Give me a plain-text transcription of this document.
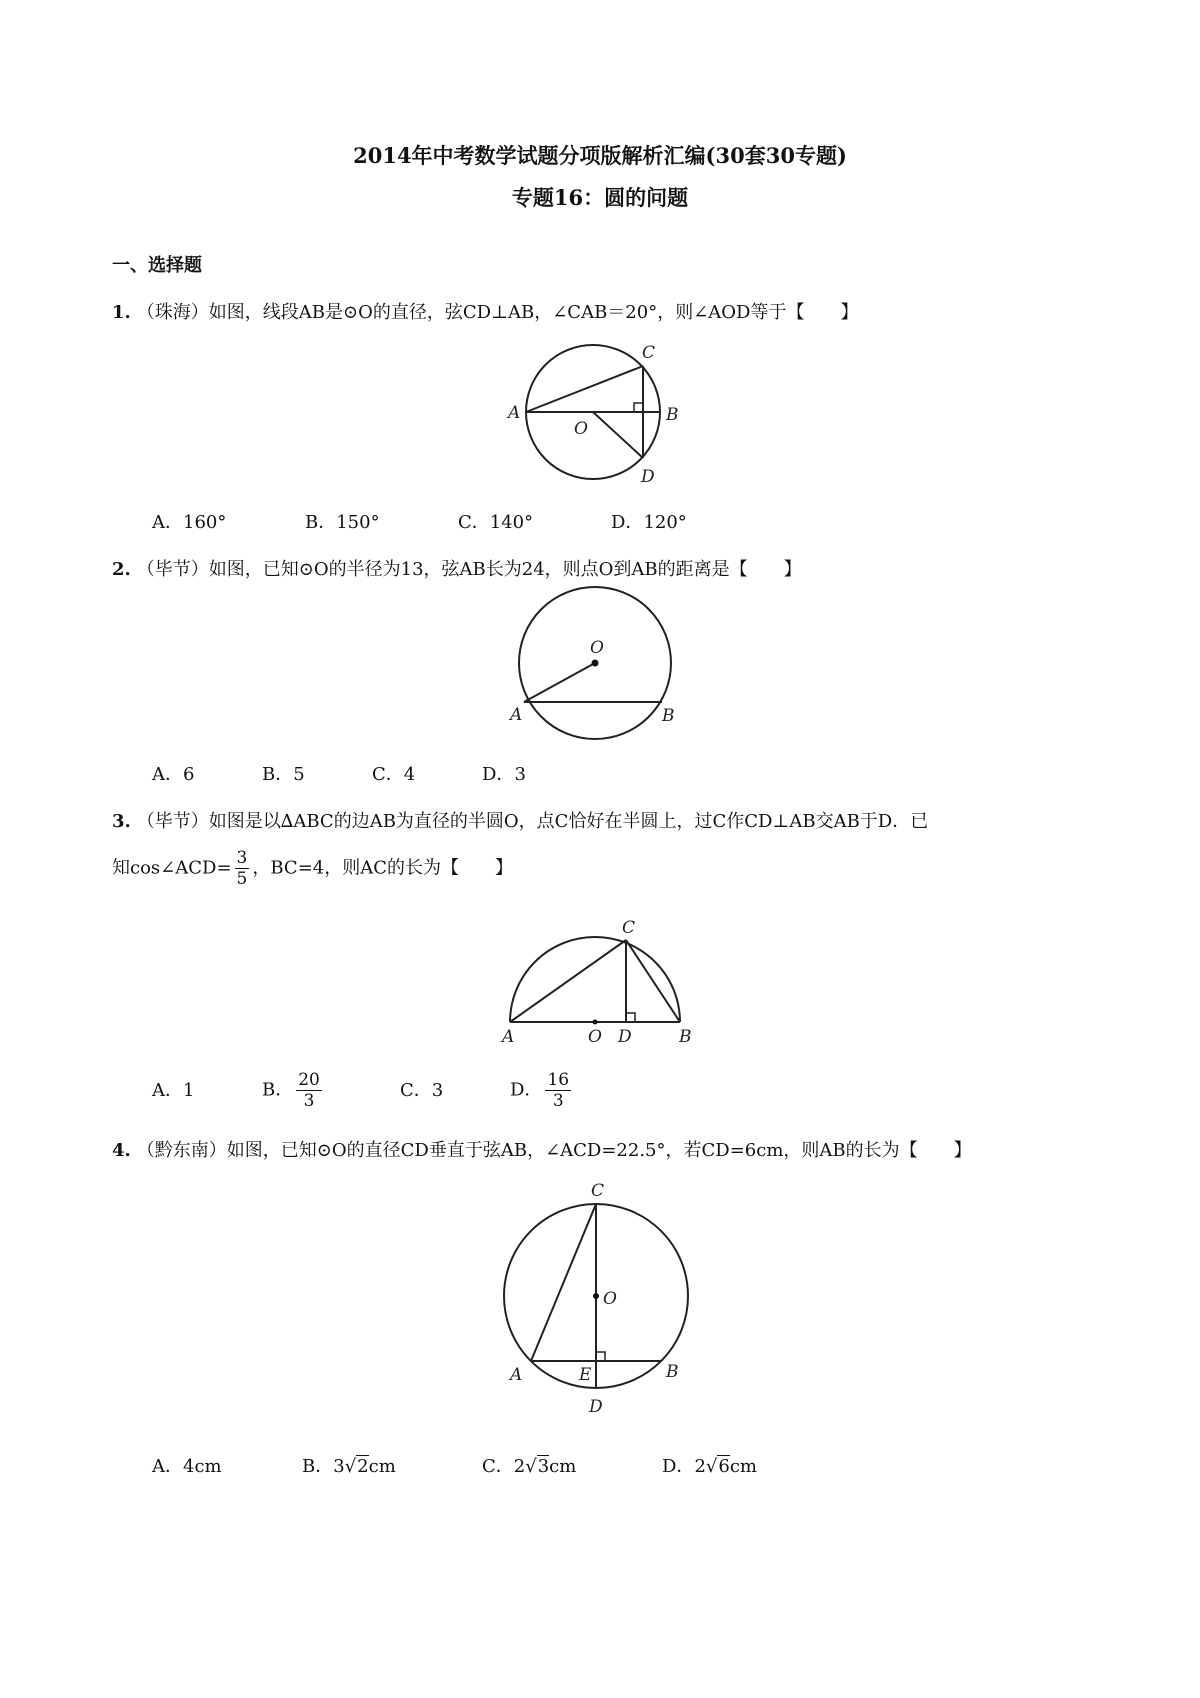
2014年中考数学试题分项版解析汇编(30套30专题)
专题16：圆的问题
一、选择题
1. （珠海）如图，线段AB是⊙O的直径，弦CD⊥AB，∠CAB＝20°，则∠AOD等于【　　】
A	B
C
D
O
A．160°	B．150°	C．140°	D．120°
2. （毕节）如图，已知⊙O的半径为13，弦AB长为24，则点O到AB的距离是【　　】
A	B
O
A．6	B．5	C．4	D．3
3. （毕节）如图是以∆ABC的边AB为直径的半圆O，点C恰好在半圆上，过C作CD⊥AB交AB于D．已
知cos∠ACD= $\frac{3}{5}$ ，BC=4，则AC的长为【　　】
A	B
C
D
O
A．1	B． $\frac{20}{3}$	C．3	D． $\frac{16}{3}$
4. （黔东南）如图，已知⊙O的直径CD垂直于弦AB，∠ACD=22.5°，若CD=6cm，则AB的长为【　　】
A	B
C
D
E
O
A．4cm	B．3√2cm	C．2√3cm	D．2√6cm
